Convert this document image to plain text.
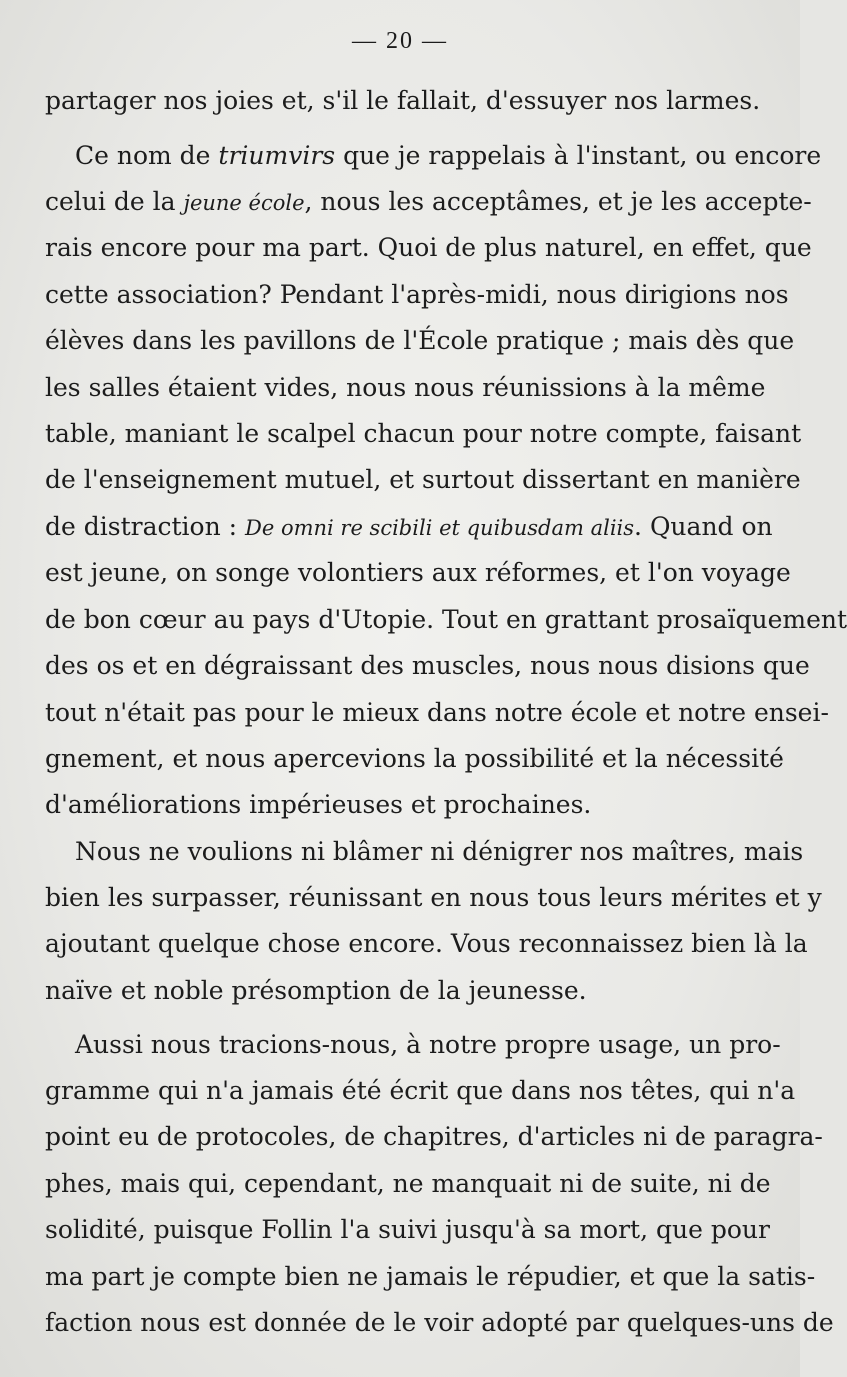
— 20 —
partager nos joies et, s'il le fallait, d'essuyer nos larmes.
Ce nom de triumvirs que je rappelais à l'instant, ou encore
celui de la jeune école, nous les acceptâmes, et je les accepte-
rais encore pour ma part. Quoi de plus naturel, en effet, que
cette association? Pendant l'après-midi, nous dirigions nos
élèves dans les pavillons de l'École pratique ; mais dès que
les salles étaient vides, nous nous réunissions à la même
table, maniant le scalpel chacun pour notre compte, faisant
de l'enseignement mutuel, et surtout dissertant en manière
de distraction : De omni re scibili et quibusdam aliis. Quand on
est jeune, on songe volontiers aux réformes, et l'on voyage
de bon cœur au pays d'Utopie. Tout en grattant prosaïquement
des os et en dégraissant des muscles, nous nous disions que
tout n'était pas pour le mieux dans notre école et notre ensei-
gnement, et nous apercevions la possibilité et la nécessité
d'améliorations impérieuses et prochaines.
Nous ne voulions ni blâmer ni dénigrer nos maîtres, mais
bien les surpasser, réunissant en nous tous leurs mérites et y
ajoutant quelque chose encore. Vous reconnaissez bien là la
naïve et noble présomption de la jeunesse.
Aussi nous tracions-nous, à notre propre usage, un pro-
gramme qui n'a jamais été écrit que dans nos têtes, qui n'a
point eu de protocoles, de chapitres, d'articles ni de paragra-
phes, mais qui, cependant, ne manquait ni de suite, ni de
solidité, puisque Follin l'a suivi jusqu'à sa mort, que pour
ma part je compte bien ne jamais le répudier, et que la satis-
faction nous est donnée de le voir adopté par quelques-uns de
